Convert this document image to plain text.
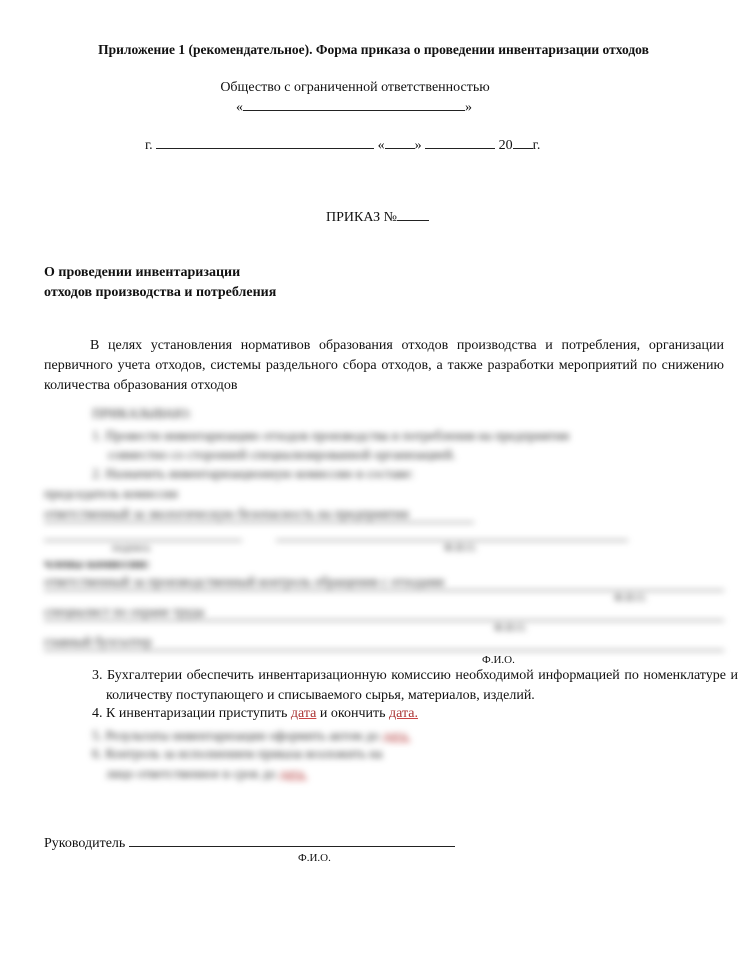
Приложение 1 (рекомендательное). Форма приказа о проведении инвентаризации отходов
Общество с ограниченной ответственностью
«	»
г.	« »	20 г.
ПРИКАЗ №
О проведении инвентаризации
отходов производства и потребления
В целях установления нормативов образования отходов производства и потребления, организации первичного учета отходов, системы раздельного сбора отходов, а также разработки мероприятий по снижению количества образования отходов
ПРИКАЗЫВАЮ:
1. Провести инвентаризацию отходов производства и потребления на предприятии
совместно со сторонней специализированной организацией.
2. Назначить инвентаризационную комиссию в составе:
председатель комиссии
ответственный за экологическую безопасность на предприятии
подпись	Ф.И.О.
члены комиссии:
ответственный за производственный контроль обращения с отходами
Ф.И.О.
специалист по охране труда
Ф.И.О.
главный бухгалтер
Ф.И.О.
3. Бухгалтерии обеспечить инвентаризационную комиссию необходимой информацией по номенклатуре и количеству поступающего и списываемого сырья, материалов, изделий.
4. К инвентаризации приступить дата и окончить дата.
5. Результаты инвентаризации оформить актом до дата.
6. Контроль за исполнением приказа возложить на
лицо ответственное в срок до дата.
Руководитель
Ф.И.О.
